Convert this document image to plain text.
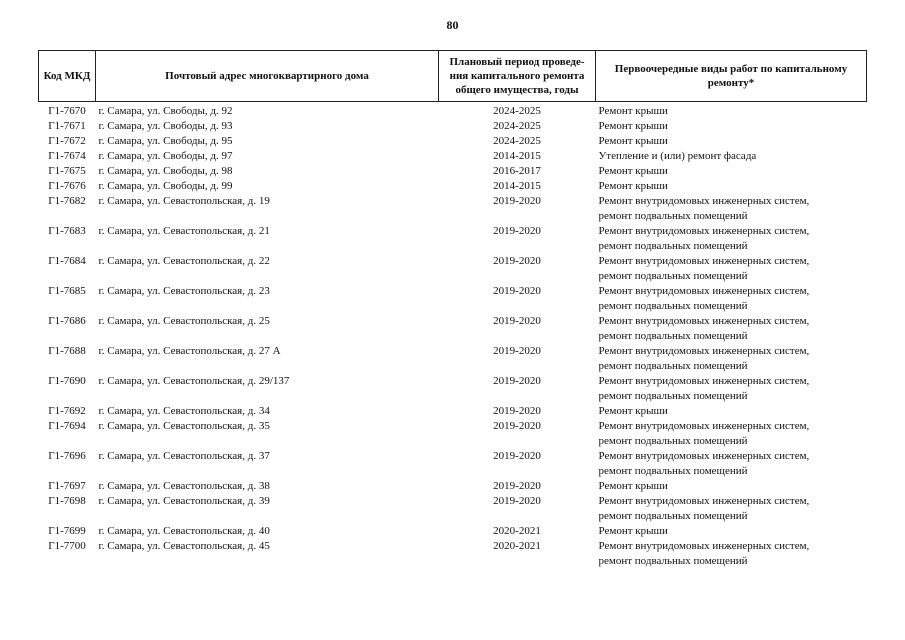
80
Код МКД	Почтовый адрес многоквартирного дома	Плановый период проведе-ния капитального ремонта общего имущества, годы	Первоочередные виды работ по капитальному ремонту*
Г1-7670	г. Самара, ул. Свободы, д. 92	2024-2025	Ремонт крыши

Г1-7671	г. Самара, ул. Свободы, д. 93	2024-2025	Ремонт крыши

Г1-7672	г. Самара, ул. Свободы, д. 95	2024-2025	Ремонт крыши

Г1-7674	г. Самара, ул. Свободы, д. 97	2014-2015	Утепление и (или) ремонт фасада

Г1-7675	г. Самара, ул. Свободы, д. 98	2016-2017	Ремонт крыши

Г1-7676	г. Самара, ул. Свободы, д. 99	2014-2015	Ремонт крыши

Г1-7682	г. Самара, ул. Севастопольская, д. 19	2019-2020	Ремонт внутридомовых инженерных систем,
ремонт подвальных помещений

Г1-7683	г. Самара, ул. Севастопольская, д. 21	2019-2020	Ремонт внутридомовых инженерных систем,
ремонт подвальных помещений

Г1-7684	г. Самара, ул. Севастопольская, д. 22	2019-2020	Ремонт внутридомовых инженерных систем,
ремонт подвальных помещений

Г1-7685	г. Самара, ул. Севастопольская, д. 23	2019-2020	Ремонт внутридомовых инженерных систем,
ремонт подвальных помещений

Г1-7686	г. Самара, ул. Севастопольская, д. 25	2019-2020	Ремонт внутридомовых инженерных систем,
ремонт подвальных помещений

Г1-7688	г. Самара, ул. Севастопольская, д. 27 А	2019-2020	Ремонт внутридомовых инженерных систем,
ремонт подвальных помещений

Г1-7690	г. Самара, ул. Севастопольская, д. 29/137	2019-2020	Ремонт внутридомовых инженерных систем,
ремонт подвальных помещений

Г1-7692	г. Самара, ул. Севастопольская, д. 34	2019-2020	Ремонт крыши

Г1-7694	г. Самара, ул. Севастопольская, д. 35	2019-2020	Ремонт внутридомовых инженерных систем,
ремонт подвальных помещений

Г1-7696	г. Самара, ул. Севастопольская, д. 37	2019-2020	Ремонт внутридомовых инженерных систем,
ремонт подвальных помещений

Г1-7697	г. Самара, ул. Севастопольская, д. 38	2019-2020	Ремонт крыши

Г1-7698	г. Самара, ул. Севастопольская, д. 39	2019-2020	Ремонт внутридомовых инженерных систем,
ремонт подвальных помещений

Г1-7699	г. Самара, ул. Севастопольская, д. 40	2020-2021	Ремонт крыши

Г1-7700	г. Самара, ул. Севастопольская, д. 45	2020-2021	Ремонт внутридомовых инженерных систем,
ремонт подвальных помещений
